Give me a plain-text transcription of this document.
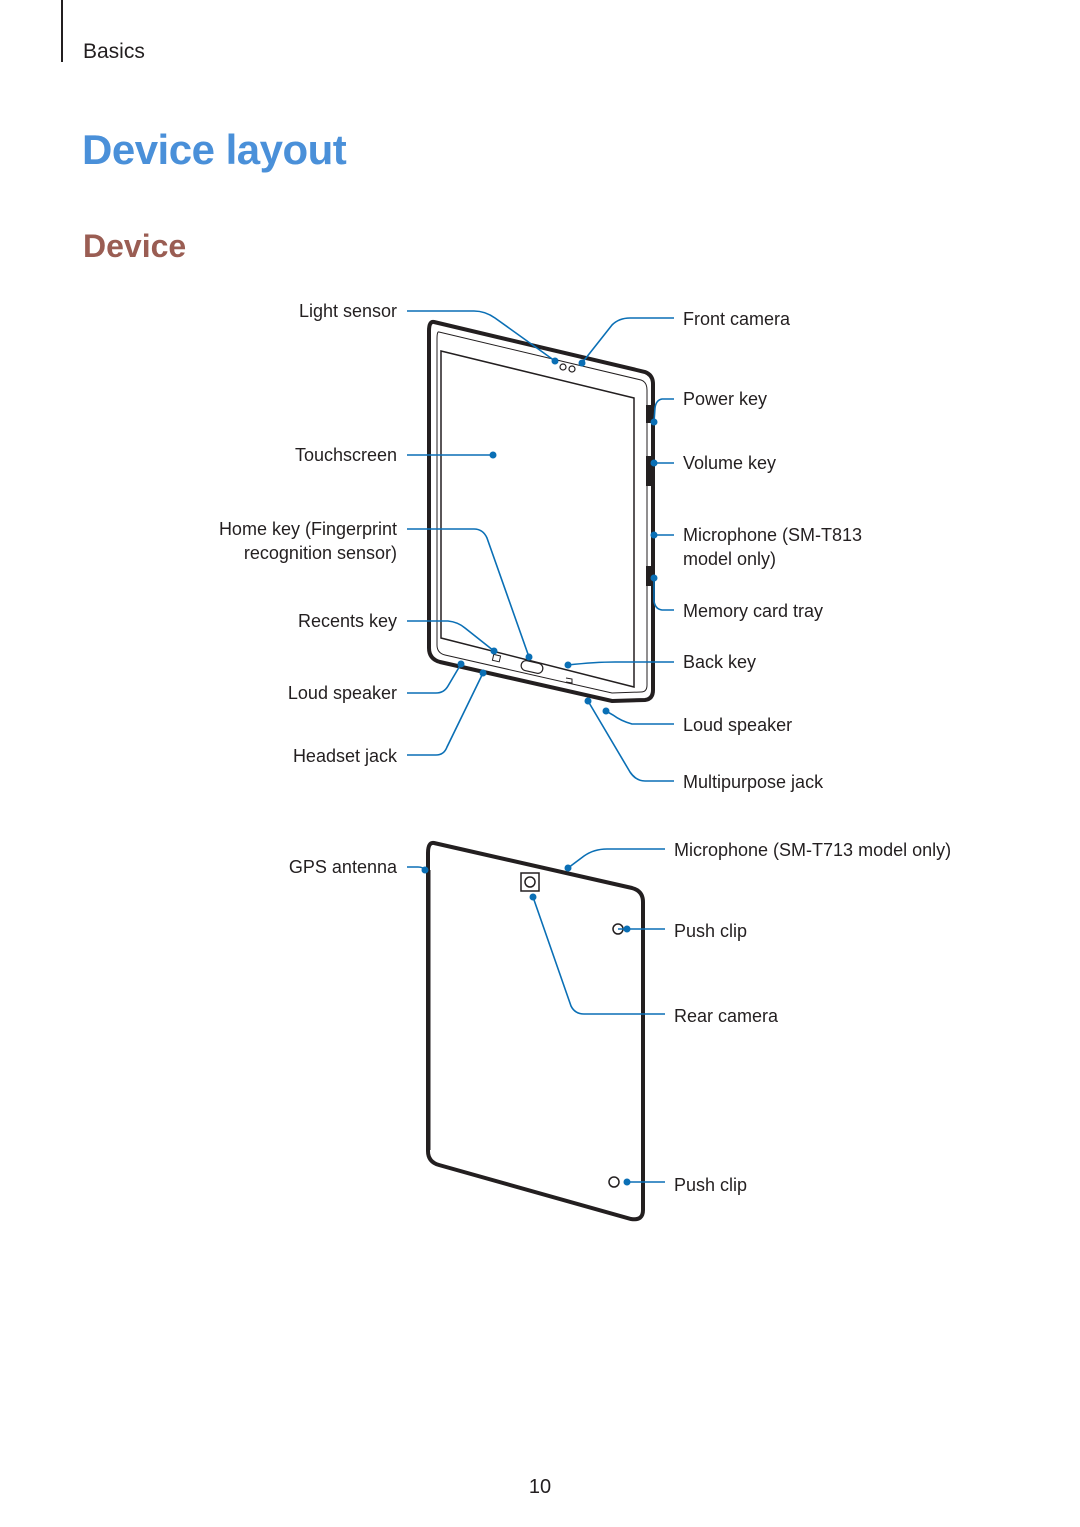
Basics
Device layout
Device
Light sensor
Touchscreen
Home key (Fingerprint
recognition sensor)
Recents key
Loud speaker
Headset jack
Front camera
Power key
Volume key
Microphone (SM-T813
model only)
Memory card tray
Back key
Loud speaker
Multipurpose jack
GPS antenna
Microphone (SM-T713 model only)
Push clip
Rear camera
Push clip
10
